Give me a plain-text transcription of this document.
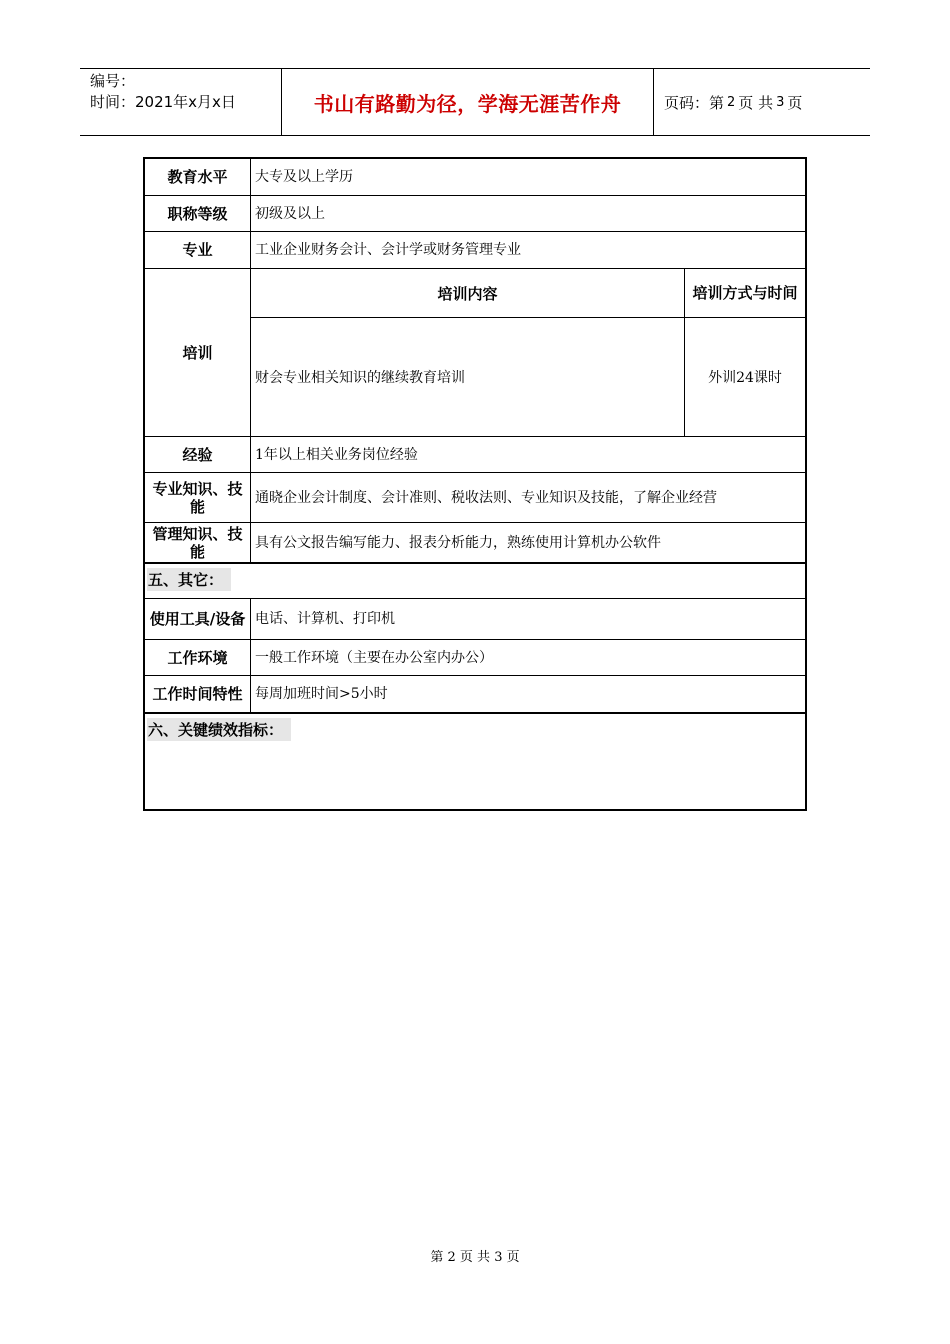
编号：
时间：2021年x月x日	书山有路勤为径，学海无涯苦作舟	页码：第 2 页 共 3 页
教育水平	大专及以上学历
职称等级	初级及以上
专业	工业企业财务会计、会计学或财务管理专业
培训
培训内容	培训方式与时间
财会专业相关知识的继续教育培训	外训24课时
经验	1年以上相关业务岗位经验
专业知识、技能	通晓企业会计制度、会计准则、税收法则、专业知识及技能，了解企业经营
管理知识、技能	具有公文报告编写能力、报表分析能力，熟练使用计算机办公软件
五、其它：
使用工具/设备 电话、计算机、打印机
工作环境	一般工作环境（主要在办公室内办公）
工作时间特性 每周加班时间>5小时
六、关键绩效指标：
第 2 页 共 3 页
